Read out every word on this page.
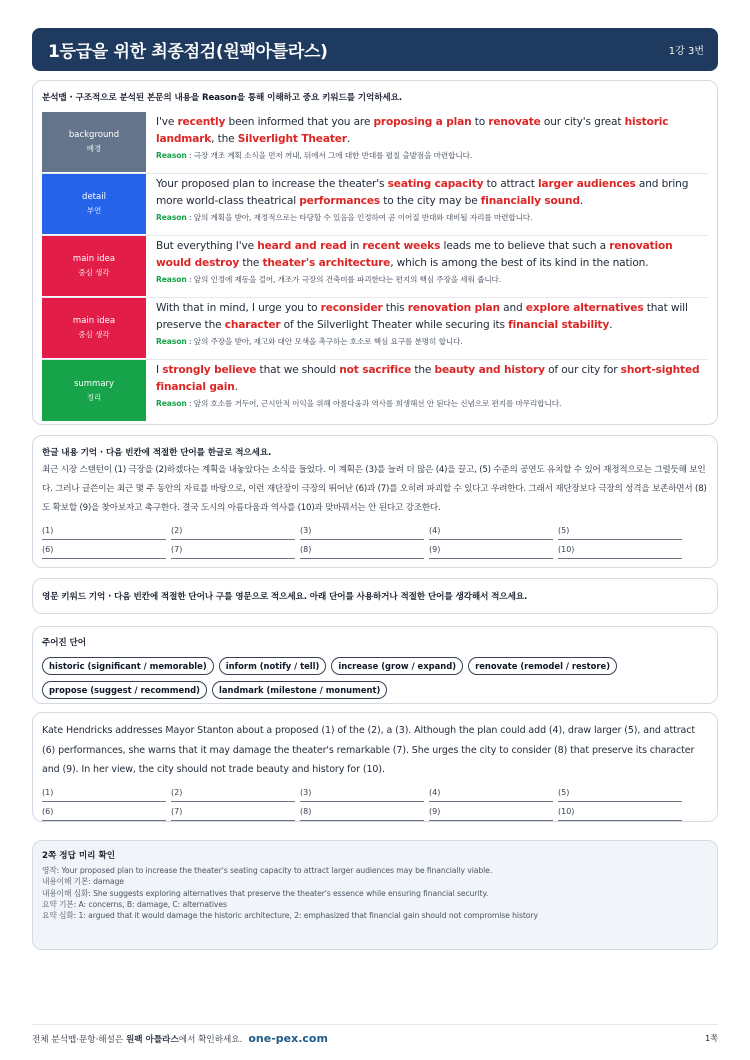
1등급을 위한 최종점검(원팩아틀라스)	1강 3번
분석맵 · 구조적으로 분석된 본문의 내용을 Reason을 통해 이해하고 중요 키워드를 기억하세요.
background
배경
I've recently been informed that you are proposing a plan to renovate our city's great historic landmark, the Silverlight Theater.
Reason : 극장 개조 계획 소식을 먼저 꺼내, 뒤에서 그에 대한 반대를 펼칠 출발점을 마련합니다.
detail
부연
Your proposed plan to increase the theater's seating capacity to attract larger audiences and bring more world-class theatrical performances to the city may be financially sound.
Reason : 앞의 계획을 받아, 재정적으로는 타당할 수 있음을 인정하여 곧 이어질 반대와 대비될 자리를 마련합니다.
main idea
중심 생각
But everything I've heard and read in recent weeks leads me to believe that such a renovation would destroy the theater's architecture, which is among the best of its kind in the nation.
Reason : 앞의 인정에 제동을 걸어, 개조가 극장의 건축미를 파괴한다는 편지의 핵심 주장을 세워 줍니다.
main idea
중심 생각
With that in mind, I urge you to reconsider this renovation plan and explore alternatives that will preserve the character of the Silverlight Theater while securing its financial stability.
Reason : 앞의 주장을 받아, 재고와 대안 모색을 촉구하는 호소로 핵심 요구를 분명히 합니다.
summary
정리
I strongly believe that we should not sacrifice the beauty and history of our city for short-sighted financial gain.
Reason : 앞의 호소를 거두어, 근시안적 이익을 위해 아름다움과 역사를 희생해선 안 된다는 신념으로 편지를 마무리합니다.
한글 내용 기억 · 다음 빈칸에 적절한 단어를 한글로 적으세요.
최근 시장 스탠턴이 (1) 극장을 (2)하겠다는 계획을 내놓았다는 소식을 들었다. 이 계획은 (3)를 늘려 더 많은 (4)을 끌고, (5) 수준의 공연도 유치할 수 있어 재정적으로는 그럴듯해 보인다. 그러나 글쓴이는 최근 몇 주 동안의 자료를 바탕으로, 이런 재단장이 극장의 뛰어난 (6)과 (7)를 오히려 파괴할 수 있다고 우려한다. 그래서 재단장보다 극장의 성격을 보존하면서 (8)도 확보할 (9)을 찾아보자고 촉구한다. 결국 도시의 아름다움과 역사를 (10)과 맞바꿔서는 안 된다고 강조한다.
(1)	(2)	(3)	(4)	(5)
(6)	(7)	(8)	(9)	(10)
영문 키워드 기억 · 다음 빈칸에 적절한 단어나 구를 영문으로 적으세요. 아래 단어를 사용하거나 적절한 단어를 생각해서 적으세요.
주어진 단어
historic (significant / memorable)	inform (notify / tell)	increase (grow / expand)	renovate (remodel / restore)
propose (suggest / recommend)	landmark (milestone / monument)
Kate Hendricks addresses Mayor Stanton about a proposed (1) of the (2), a (3). Although the plan could add (4), draw larger (5), and attract (6) performances, she warns that it may damage the theater's remarkable (7). She urges the city to consider (8) that preserve its character and (9). In her view, the city should not trade beauty and history for (10).
(1)	(2)	(3)	(4)	(5)
(6)	(7)	(8)	(9)	(10)
2쪽 정답 미리 확인
영작: Your proposed plan to increase the theater's seating capacity to attract larger audiences may be financially viable.
내용이해 기본: damage
내용이해 심화: She suggests exploring alternatives that preserve the theater's essence while ensuring financial security.
요약 기본: A: concerns, B: damage, C: alternatives
요약 심화: 1: argued that it would damage the historic architecture, 2: emphasized that financial gain should not compromise history
전체 분석맵·문항·해설은 원팩 아틀라스에서 확인하세요. one-pex.com	1쪽
